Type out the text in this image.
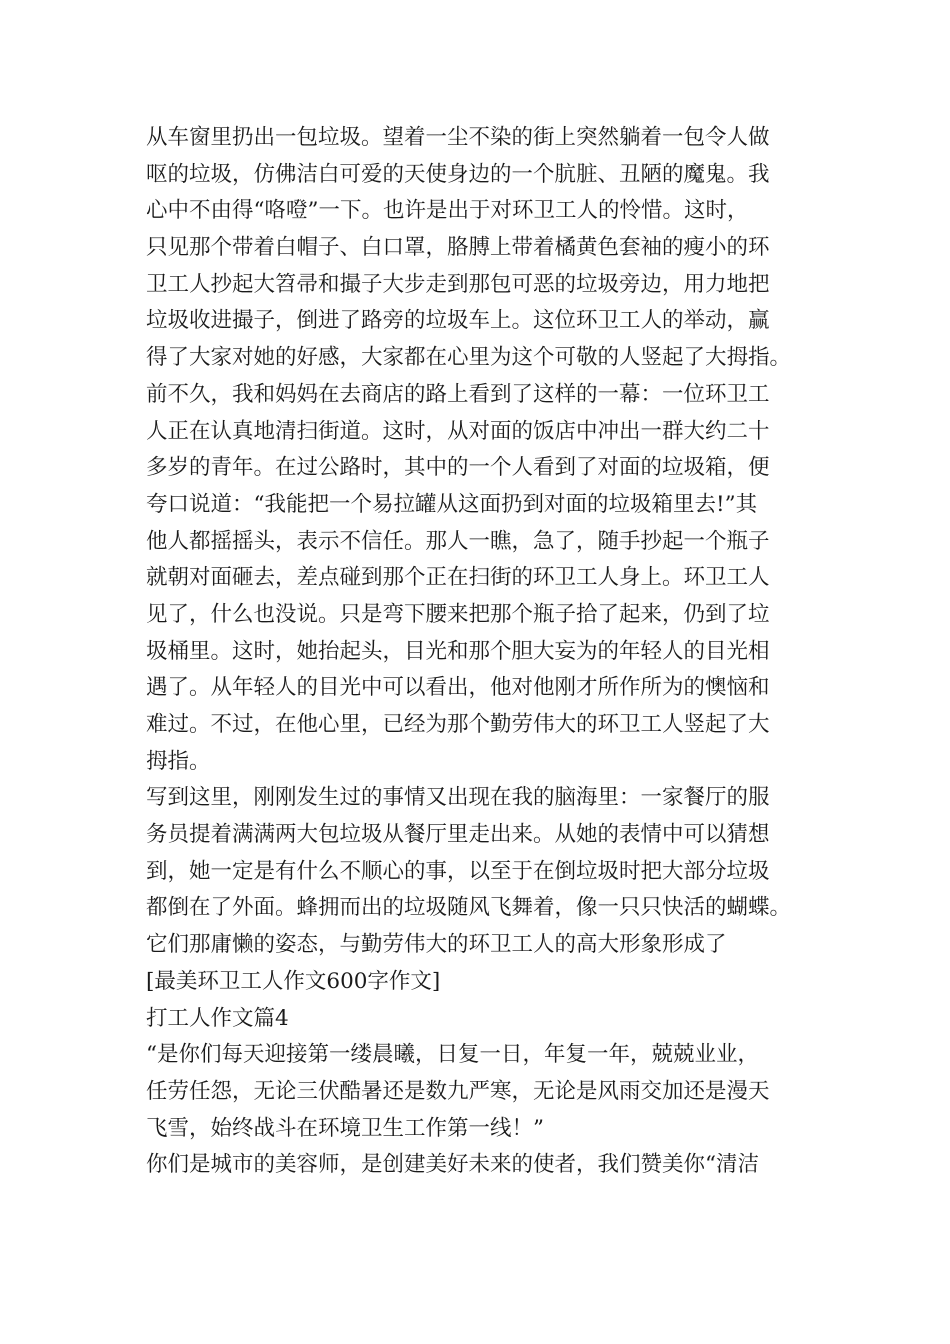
从车窗里扔出一包垃圾。望着一尘不染的街上突然躺着一包令人做
呕的垃圾，仿佛洁白可爱的天使身边的一个肮脏、丑陋的魔鬼。我
心中不由得“咯噔”一下。也许是出于对环卫工人的怜惜。这时，
只见那个带着白帽子、白口罩，胳膊上带着橘黄色套袖的瘦小的环
卫工人抄起大笤帚和撮子大步走到那包可恶的垃圾旁边，用力地把
垃圾收进撮子，倒进了路旁的垃圾车上。这位环卫工人的举动，赢
得了大家对她的好感，大家都在心里为这个可敬的人竖起了大拇指。
前不久，我和妈妈在去商店的路上看到了这样的一幕：一位环卫工
人正在认真地清扫街道。这时，从对面的饭店中冲出一群大约二十
多岁的青年。在过公路时，其中的一个人看到了对面的垃圾箱，便
夸口说道：“我能把一个易拉罐从这面扔到对面的垃圾箱里去!”其
他人都摇摇头，表示不信任。那人一瞧，急了，随手抄起一个瓶子
就朝对面砸去，差点碰到那个正在扫街的环卫工人身上。环卫工人
见了，什么也没说。只是弯下腰来把那个瓶子拾了起来，仍到了垃
圾桶里。这时，她抬起头，目光和那个胆大妄为的年轻人的目光相
遇了。从年轻人的目光中可以看出，他对他刚才所作所为的懊恼和
难过。不过，在他心里，已经为那个勤劳伟大的环卫工人竖起了大
拇指。
写到这里，刚刚发生过的事情又出现在我的脑海里：一家餐厅的服
务员提着满满两大包垃圾从餐厅里走出来。从她的表情中可以猜想
到，她一定是有什么不顺心的事，以至于在倒垃圾时把大部分垃圾
都倒在了外面。蜂拥而出的垃圾随风飞舞着，像一只只快活的蝴蝶。
它们那庸懒的姿态，与勤劳伟大的环卫工人的高大形象形成了
[最美环卫工人作文600字作文]
打工人作文篇4
“是你们每天迎接第一缕晨曦，日复一日，年复一年，兢兢业业，
任劳任怨，无论三伏酷暑还是数九严寒，无论是风雨交加还是漫天
飞雪，始终战斗在环境卫生工作第一线！”
你们是城市的美容师，是创建美好未来的使者，我们赞美你“清洁
